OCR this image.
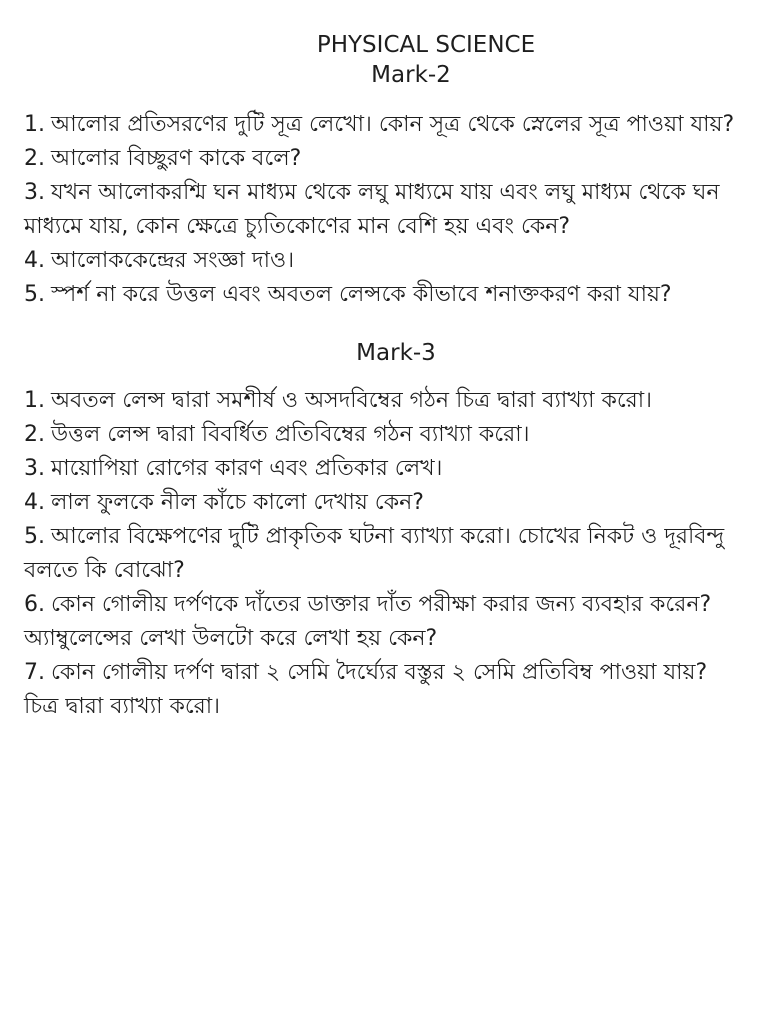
PHYSICAL SCIENCE
Mark-2
1. আলোর প্রতিসরণের দুটি সূত্র লেখো। কোন সূত্র থেকে স্নেলের সূত্র পাওয়া যায়?
2. আলোর বিচ্ছুরণ কাকে বলে?
3. যখন আলোকরশ্মি ঘন মাধ্যম থেকে লঘু মাধ্যমে যায় এবং লঘু মাধ্যম থেকে ঘন মাধ্যমে যায়, কোন ক্ষেত্রে চ্যুতিকোণের মান বেশি হয় এবং কেন?
4. আলোককেন্দ্রের সংজ্ঞা দাও।
5. স্পর্শ না করে উত্তল এবং অবতল লেন্সকে কীভাবে শনাক্তকরণ করা যায়?
Mark-3
1. অবতল লেন্স দ্বারা সমশীর্ষ ও অসদবিম্বের গঠন চিত্র দ্বারা ব্যাখ্যা করো।
2. উত্তল লেন্স দ্বারা বিবর্ধিত প্রতিবিম্বের গঠন ব্যাখ্যা করো।
3. মায়োপিয়া রোগের কারণ এবং প্রতিকার লেখ।
4. লাল ফুলকে নীল কাঁচে কালো দেখায় কেন?
5. আলোর বিক্ষেপণের দুটি প্রাকৃতিক ঘটনা ব্যাখ্যা করো। চোখের নিকট ও দূরবিন্দু বলতে কি বোঝো?
6. কোন গোলীয় দর্পণকে দাঁতের ডাক্তার দাঁত পরীক্ষা করার জন্য ব্যবহার করেন? অ্যাম্বুলেন্সের লেখা উলটো করে লেখা হয় কেন?
7. কোন গোলীয় দর্পণ দ্বারা ২ সেমি দৈর্ঘ্যের বস্তুর ২ সেমি প্রতিবিম্ব পাওয়া যায়? চিত্র দ্বারা ব্যাখ্যা করো।
